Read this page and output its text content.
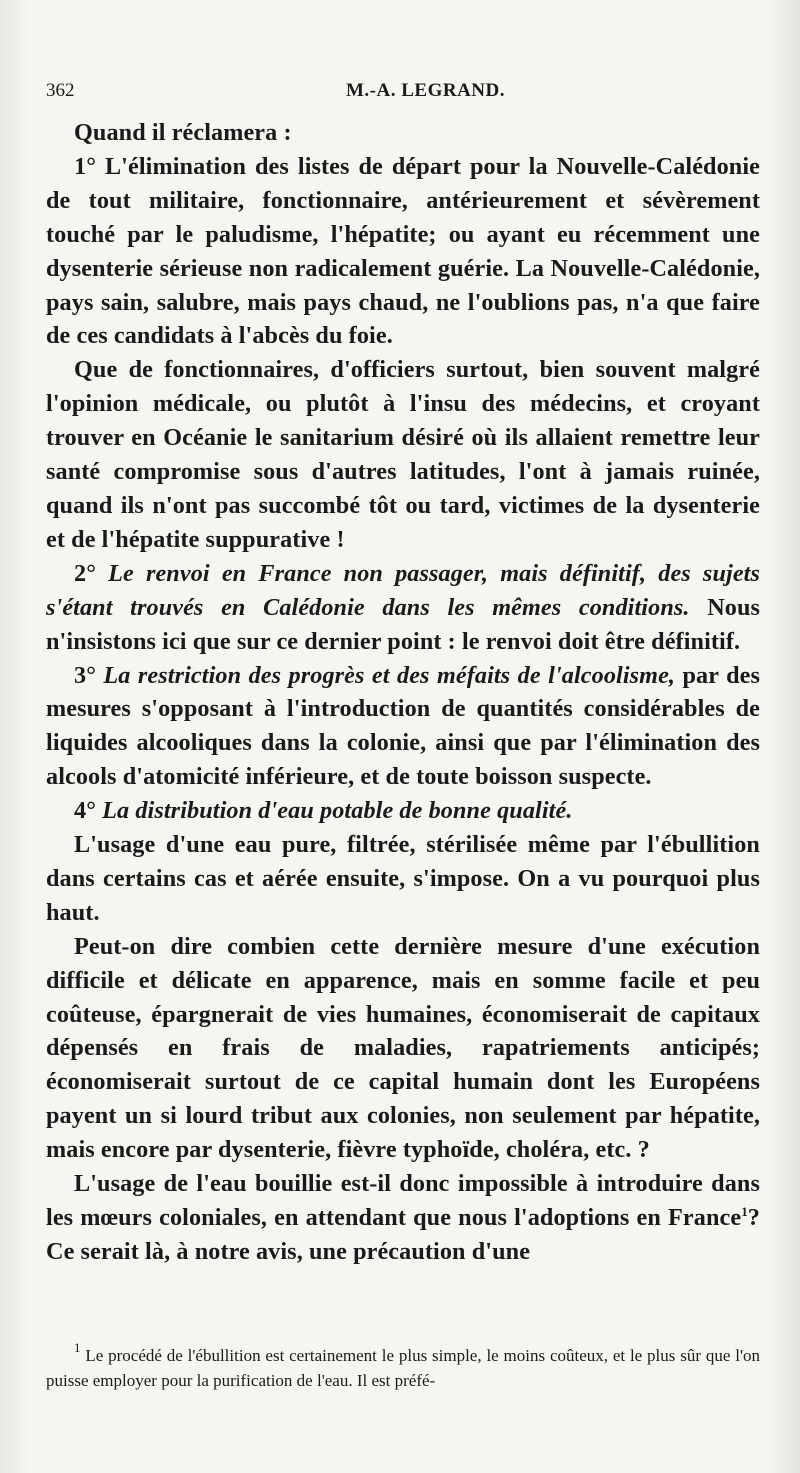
362	M.-A. LEGRAND.

Quand il réclamera :

1° L'élimination des listes de départ pour la Nouvelle-Calédonie de tout militaire, fonctionnaire, antérieurement et sévèrement touché par le paludisme, l'hépatite; ou ayant eu récemment une dysenterie sérieuse non radicalement guérie. La Nouvelle-Calédonie, pays sain, salubre, mais pays chaud, ne l'oublions pas, n'a que faire de ces candidats à l'abcès du foie.

Que de fonctionnaires, d'officiers surtout, bien souvent malgré l'opinion médicale, ou plutôt à l'insu des médecins, et croyant trouver en Océanie le sanitarium désiré où ils allaient remettre leur santé compromise sous d'autres latitudes, l'ont à jamais ruinée, quand ils n'ont pas succombé tôt ou tard, victimes de la dysenterie et de l'hépatite suppurative !

2° Le renvoi en France non passager, mais définitif, des sujets s'étant trouvés en Calédonie dans les mêmes conditions. Nous n'insistons ici que sur ce dernier point : le renvoi doit être définitif.

3° La restriction des progrès et des méfaits de l'alcoolisme, par des mesures s'opposant à l'introduction de quantités considérables de liquides alcooliques dans la colonie, ainsi que par l'élimination des alcools d'atomicité inférieure, et de toute boisson suspecte.

4° La distribution d'eau potable de bonne qualité.

L'usage d'une eau pure, filtrée, stérilisée même par l'ébullition dans certains cas et aérée ensuite, s'impose. On a vu pourquoi plus haut.

Peut-on dire combien cette dernière mesure d'une exécution difficile et délicate en apparence, mais en somme facile et peu coûteuse, épargnerait de vies humaines, économiserait de capitaux dépensés en frais de maladies, rapatriements anticipés; économiserait surtout de ce capital humain dont les Européens payent un si lourd tribut aux colonies, non seulement par hépatite, mais encore par dysenterie, fièvre typhoïde, choléra, etc. ?

L'usage de l'eau bouillie est-il donc impossible à introduire dans les mœurs coloniales, en attendant que nous l'adoptions en France$^1$? Ce serait là, à notre avis, une précaution d'une

$^1$ Le procédé de l'ébullition est certainement le plus simple, le moins coûteux, et le plus sûr que l'on puisse employer pour la purification de l'eau. Il est préfé-
